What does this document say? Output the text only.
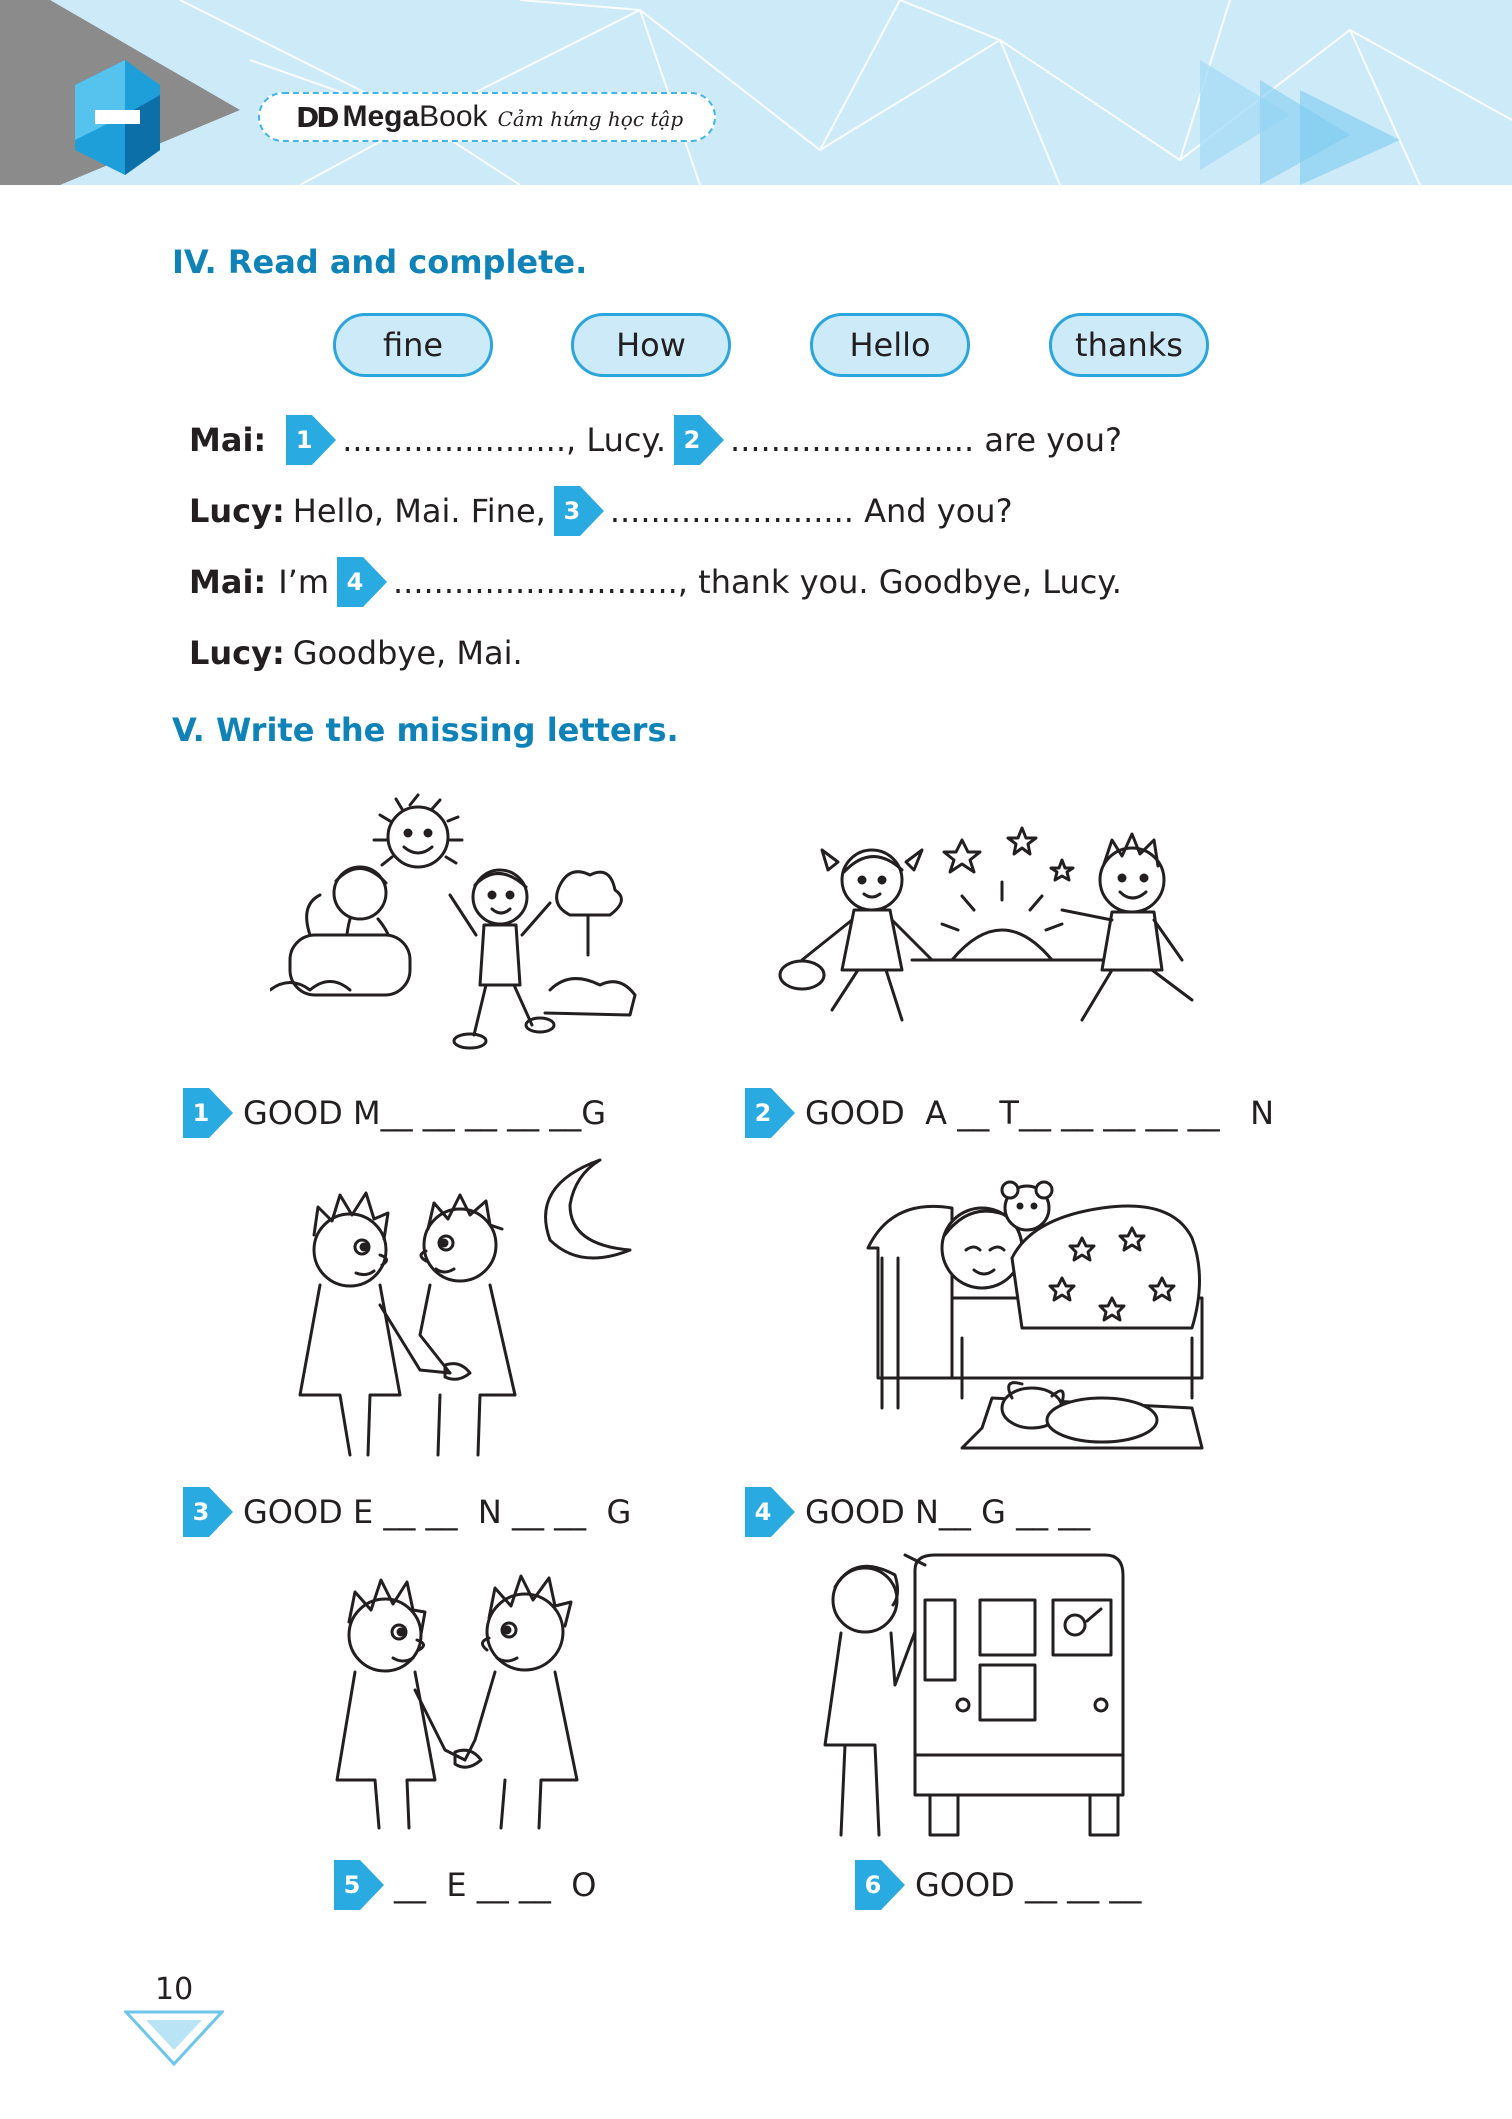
DD Mega Book Cảm hứng học tập
IV. Read and complete.
fine	How	Hello	thanks
Mai:	1 ...................... , Lucy. 2 ........................ are you?
Lucy: Hello, Mai. Fine, 3 ........................ And you?
Mai: I’m 4 ............................ , thank you. Goodbye, Lucy.
Lucy: Goodbye, Mai.
V. Write the missing letters.
1	GOOD M__ __ __ __ __G	2	GOOD  A __ T__ __ __ __ __   N
3	GOOD E __ __  N __ __  G	4	GOOD N__ G __ __
5	__  E __ __  O	6	GOOD __ __ __
10
